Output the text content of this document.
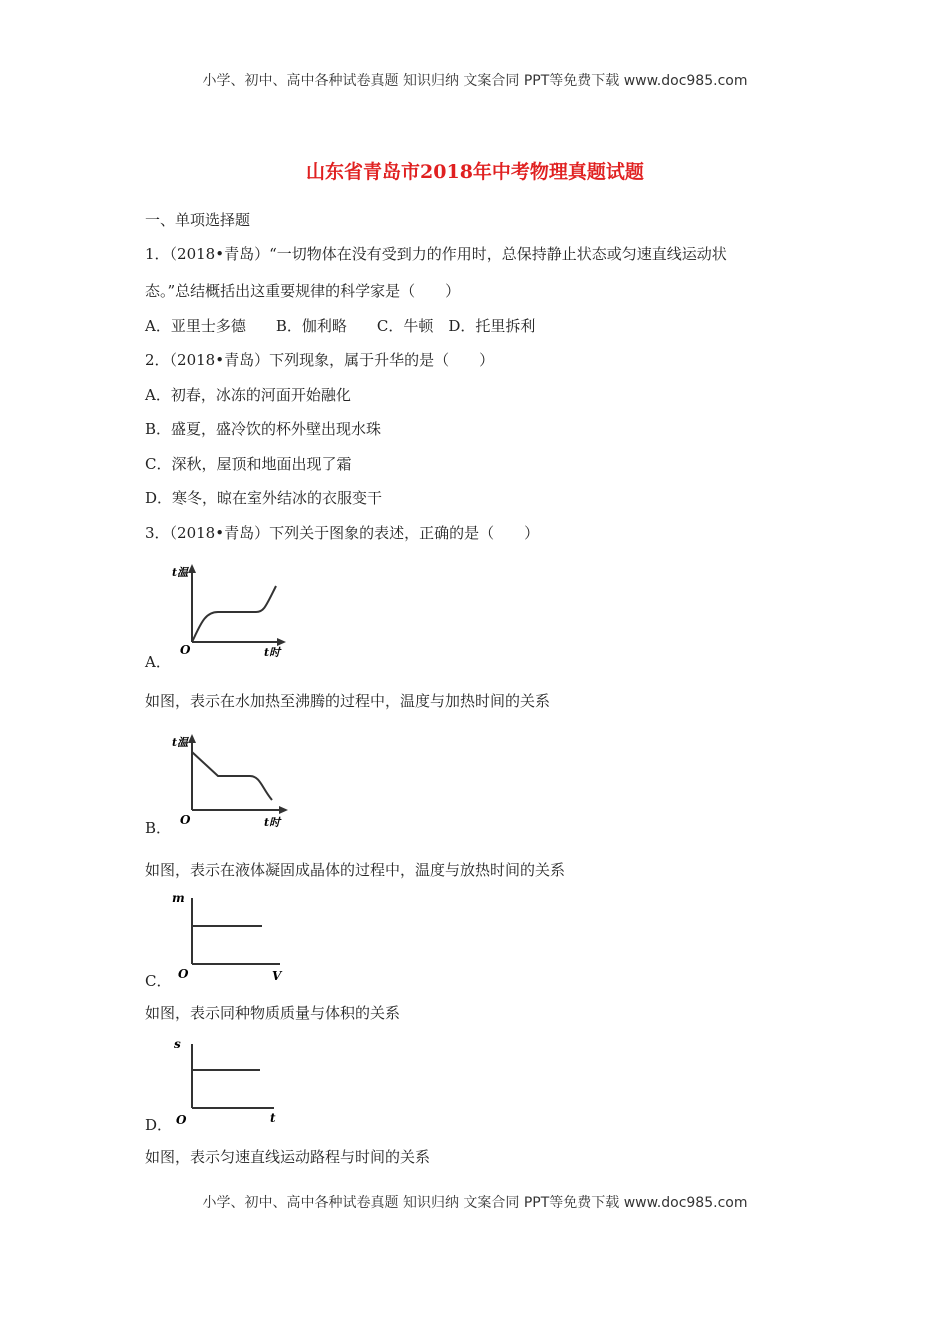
小学、初中、高中各种试卷真题 知识归纳 文案合同 PPT等免费下载 www.doc985.com
山东省青岛市2018年中考物理真题试题
一、单项选择题
1．（2018•青岛）“一切物体在没有受到力的作用时，总保持静止状态或匀速直线运动状
态。”总结概括出这重要规律的科学家是（　　）
A．亚里士多德　　B．伽利略　　C．牛顿　D．托里拆利
2．（2018•青岛）下列现象，属于升华的是（　　）
A．初春，冰冻的河面开始融化
B．盛夏，盛冷饮的杯外壁出现水珠
C．深秋，屋顶和地面出现了霜
D．寒冬，晾在室外结冰的衣服变干
3．（2018•青岛）下列关于图象的表述，正确的是（　　）
t温
O	t时
A．
如图，表示在水加热至沸腾的过程中，温度与加热时间的关系
t温
O	t时
B．
如图，表示在液体凝固成晶体的过程中，温度与放热时间的关系
m
O	V
C．
如图，表示同种物质质量与体积的关系
s
O	t
D．
如图，表示匀速直线运动路程与时间的关系
小学、初中、高中各种试卷真题 知识归纳 文案合同 PPT等免费下载 www.doc985.com
